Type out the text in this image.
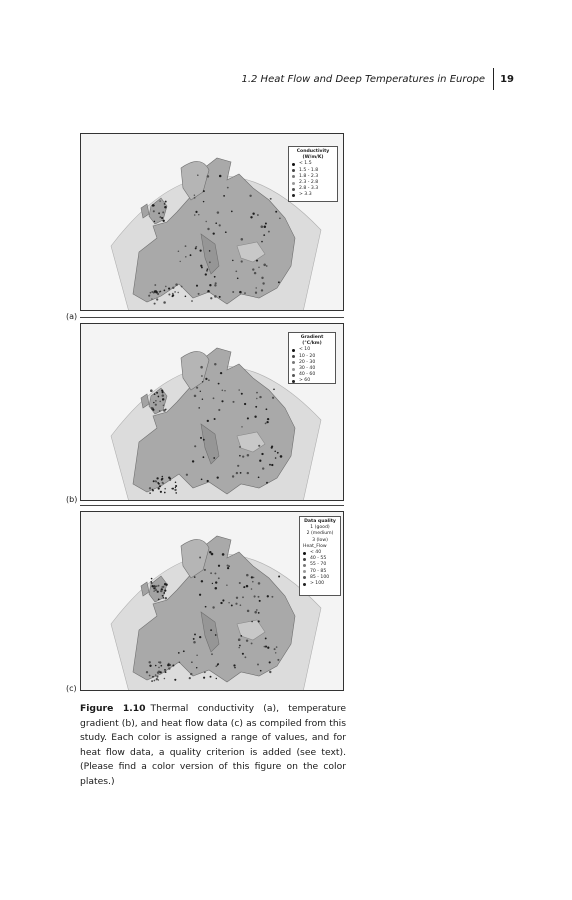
1.2 Heat Flow and Deep Temperatures in Europe 19
Conductivity (W/m/K)
< 1.5
1.5 - 1.8
1.8 - 2.3
2.3 - 2.8
2.8 - 3.3
> 3.3
Gradient (°C/km)
< 10
10 - 20
20 - 30
30 - 40
40 - 60
> 60
Data quality
1 (good)
2 (medium)
3 (low)
Heat_Flow
< 40
40 - 55
55 - 70
70 - 85
85 - 100
> 100
(a)
(b)
(c)
Figure 1.10 Thermal conductivity (a), temperature gradient (b), and heat flow data (c) as compiled from this study. Each color is assigned a range of values, and for heat flow data, a quality criterion is added (see text). (Please find a color version of this figure on the color plates.)
